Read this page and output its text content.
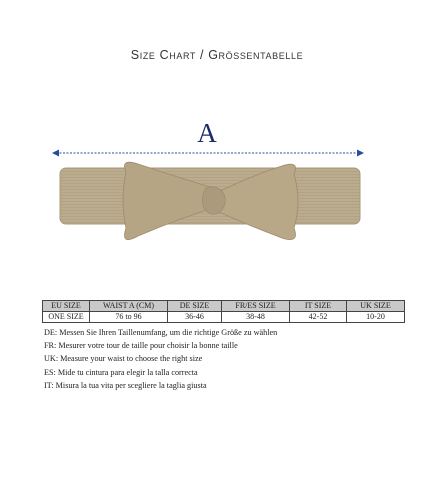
Size Chart / Grössentabelle
A
EU SIZE	WAIST A (CM)	DE SIZE	FR/ES SIZE	IT SIZE	UK SIZE
ONE SIZE	76 to 96	36-46	38-48	42-52	10-20
DE: Messen Sie Ihren Taillenumfang, um die richtige Größe zu wählen
FR: Mesurer votre tour de taille pour choisir la bonne taille
UK: Measure your waist to choose the right size
ES: Mide tu cintura para elegir la talla correcta
IT: Misura la tua vita per scegliere la taglia giusta
